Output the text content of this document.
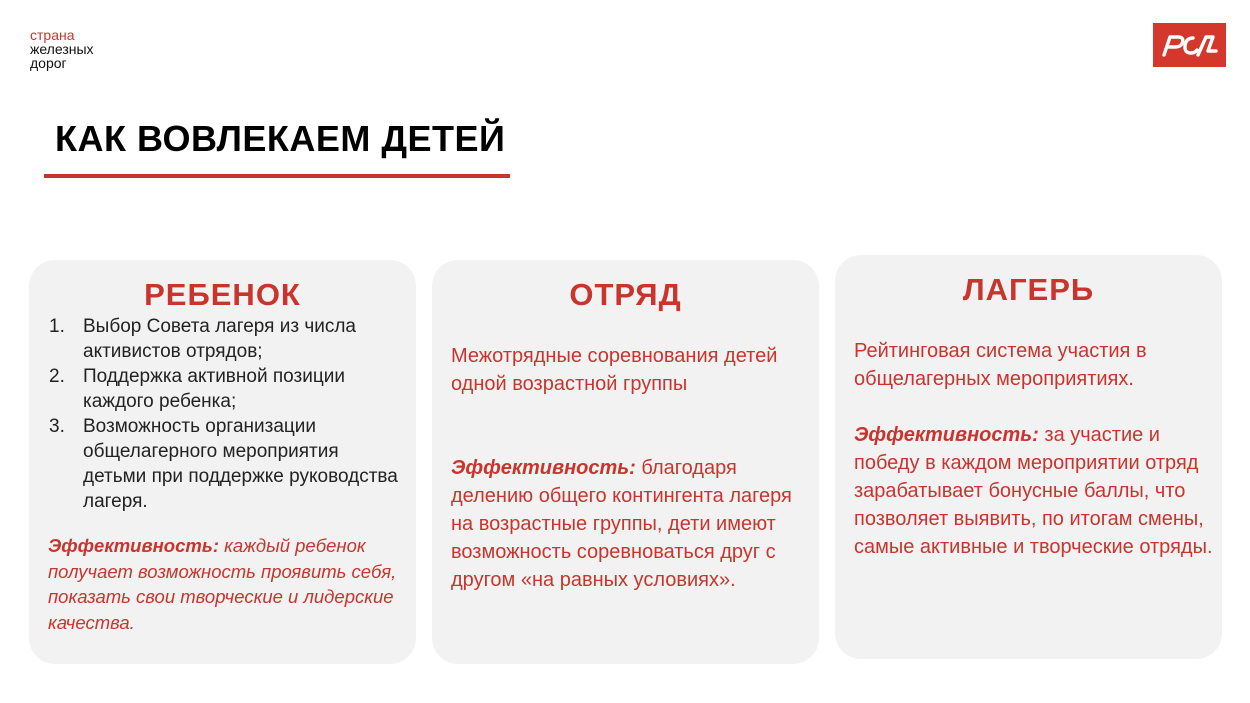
страна
железных
дорог
КАК ВОВЛЕКАЕМ ДЕТЕЙ
РЕБЕНОК
1. Выбор Совета лагеря из числа активистов отрядов;
2. Поддержка активной позиции каждого ребенка;
3. Возможность организации общелагерного мероприятия детьми при поддержке руководства лагеря.

Эффективность: каждый ребенок получает возможность проявить себя, показать свои творческие и лидерские качества.

ОТРЯД

Межотрядные соревнования детей одной возрастной группы

Эффективность: благодаря делению общего контингента лагеря на возрастные группы, дети имеют возможность соревноваться друг с другом «на равных условиях».

ЛАГЕРЬ

Рейтинговая система участия в общелагерных мероприятиях.

Эффективность: за участие и победу в каждом мероприятии отряд зарабатывает бонусные баллы, что позволяет выявить, по итогам смены, самые активные и творческие отряды.
